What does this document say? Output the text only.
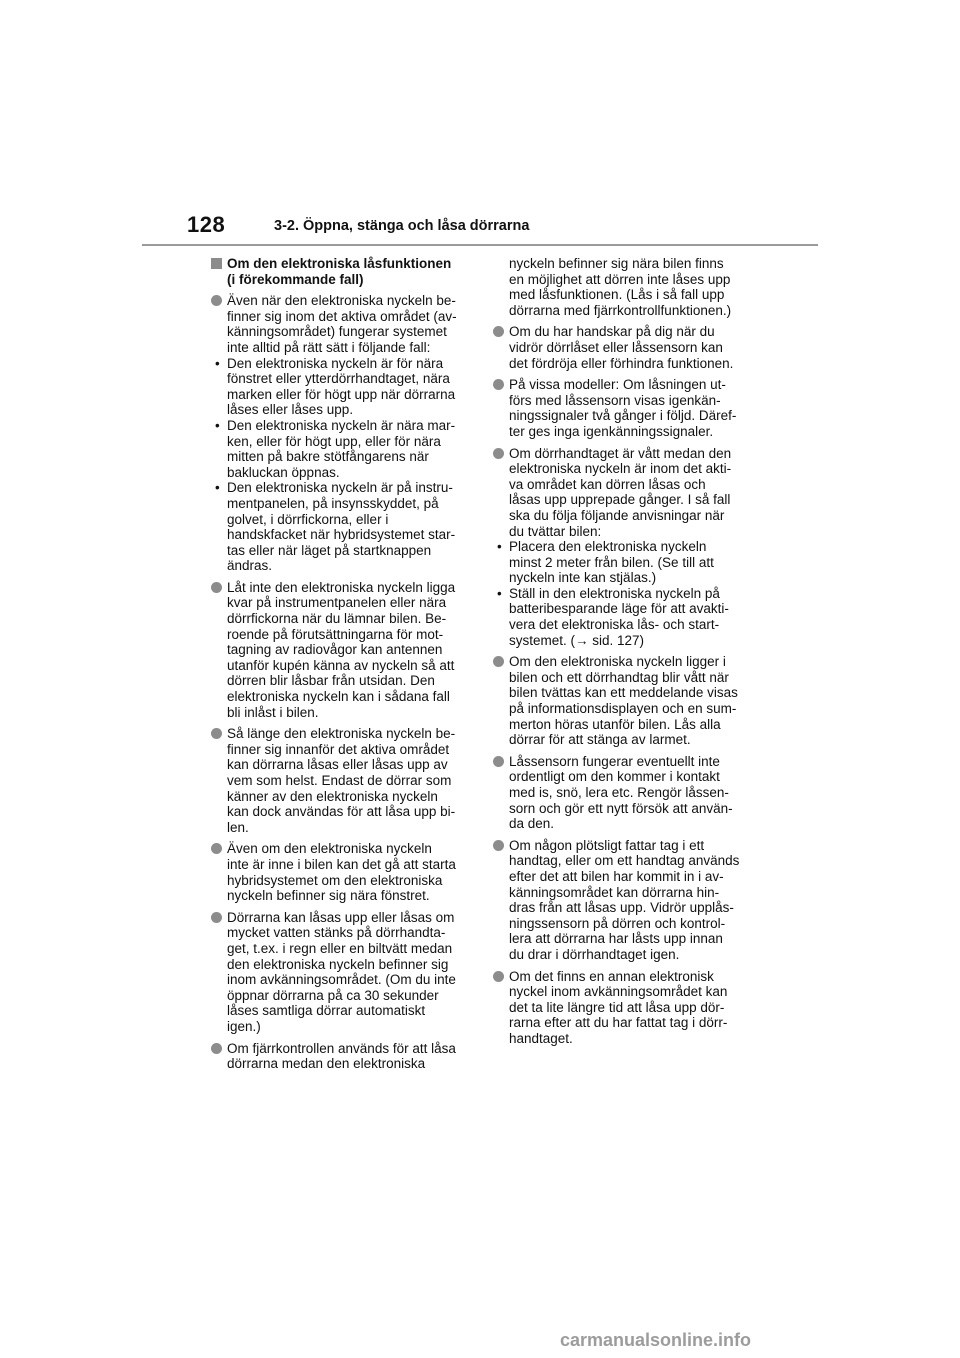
128	3-2. Öppna, stänga och låsa dörrarna
Om den elektroniska låsfunktionen
(i förekommande fall)
Även när den elektroniska nyckeln be-
finner sig inom det aktiva området (av-
känningsområdet) fungerar systemet
inte alltid på rätt sätt i följande fall:
• Den elektroniska nyckeln är för nära
fönstret eller ytterdörrhandtaget, nära
marken eller för högt upp när dörrarna
låses eller låses upp.
• Den elektroniska nyckeln är nära mar-
ken, eller för högt upp, eller för nära
mitten på bakre stötfångarens när
bakluckan öppnas.
• Den elektroniska nyckeln är på instru-
mentpanelen, på insynsskyddet, på
golvet, i dörrfickorna, eller i
handskfacket när hybridsystemet star-
tas eller när läget på startknappen
ändras.
Låt inte den elektroniska nyckeln ligga
kvar på instrumentpanelen eller nära
dörrfickorna när du lämnar bilen. Be-
roende på förutsättningarna för mot-
tagning av radiovågor kan antennen
utanför kupén känna av nyckeln så att
dörren blir låsbar från utsidan. Den
elektroniska nyckeln kan i sådana fall
bli inlåst i bilen.
Så länge den elektroniska nyckeln be-
finner sig innanför det aktiva området
kan dörrarna låsas eller låsas upp av
vem som helst. Endast de dörrar som
känner av den elektroniska nyckeln
kan dock användas för att låsa upp bi-
len.
Även om den elektroniska nyckeln
inte är inne i bilen kan det gå att starta
hybridsystemet om den elektroniska
nyckeln befinner sig nära fönstret.
Dörrarna kan låsas upp eller låsas om
mycket vatten stänks på dörrhandta-
get, t.ex. i regn eller en biltvätt medan
den elektroniska nyckeln befinner sig
inom avkänningsområdet. (Om du inte
öppnar dörrarna på ca 30 sekunder
låses samtliga dörrar automatiskt
igen.)
Om fjärrkontrollen används för att låsa
dörrarna medan den elektroniska
nyckeln befinner sig nära bilen finns
en möjlighet att dörren inte låses upp
med låsfunktionen. (Lås i så fall upp
dörrarna med fjärrkontrollfunktionen.)
Om du har handskar på dig när du
vidrör dörrlåset eller låssensorn kan
det fördröja eller förhindra funktionen.
På vissa modeller: Om låsningen ut-
förs med låssensorn visas igenkän-
ningssignaler två gånger i följd. Däref-
ter ges inga igenkänningssignaler.
Om dörrhandtaget är vått medan den
elektroniska nyckeln är inom det akti-
va området kan dörren låsas och
låsas upp upprepade gånger. I så fall
ska du följa följande anvisningar när
du tvättar bilen:
• Placera den elektroniska nyckeln
minst 2 meter från bilen. (Se till att
nyckeln inte kan stjälas.)
• Ställ in den elektroniska nyckeln på
batteribesparande läge för att avakti-
vera det elektroniska lås- och start-
systemet. (→ sid. 127)
Om den elektroniska nyckeln ligger i
bilen och ett dörrhandtag blir vått när
bilen tvättas kan ett meddelande visas
på informationsdisplayen och en sum-
merton höras utanför bilen. Lås alla
dörrar för att stänga av larmet.
Låssensorn fungerar eventuellt inte
ordentligt om den kommer i kontakt
med is, snö, lera etc. Rengör låssen-
sorn och gör ett nytt försök att använ-
da den.
Om någon plötsligt fattar tag i ett
handtag, eller om ett handtag används
efter det att bilen har kommit in i av-
känningsområdet kan dörrarna hin-
dras från att låsas upp. Vidrör upplås-
ningssensorn på dörren och kontrol-
lera att dörrarna har låsts upp innan
du drar i dörrhandtaget igen.
Om det finns en annan elektronisk
nyckel inom avkänningsområdet kan
det ta lite längre tid att låsa upp dör-
rarna efter att du har fattat tag i dörr-
handtaget.
carmanualsonline.info
